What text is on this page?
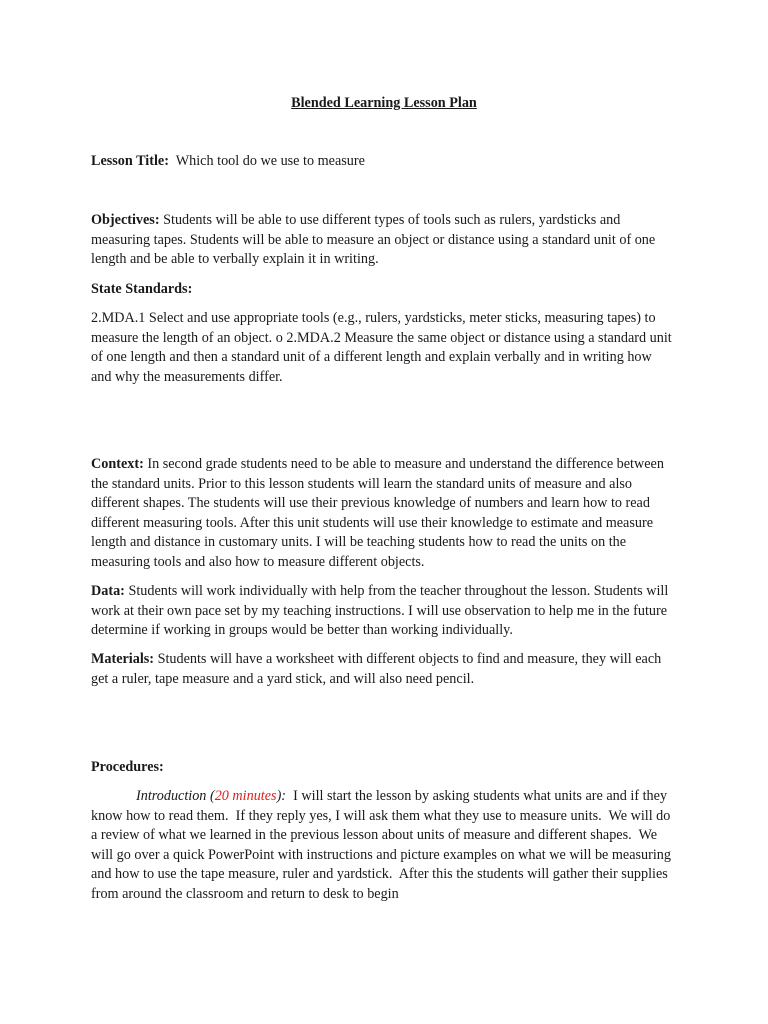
Blended Learning Lesson Plan

Lesson Title:  Which tool do we use to measure

Objectives: Students will be able to use different types of tools such as rulers, yardsticks and measuring tapes. Students will be able to measure an object or distance using a standard unit of one length and be able to verbally explain it in writing.

State Standards:

2.MDA.1 Select and use appropriate tools (e.g., rulers, yardsticks, meter sticks, measuring tapes) to measure the length of an object. o 2.MDA.2 Measure the same object or distance using a standard unit of one length and then a standard unit of a different length and explain verbally and in writing how and why the measurements differ.

Context: In second grade students need to be able to measure and understand the difference between the standard units. Prior to this lesson students will learn the standard units of measure and also different shapes. The students will use their previous knowledge of numbers and learn how to read different measuring tools. After this unit students will use their knowledge to estimate and measure length and distance in customary units. I will be teaching students how to read the units on the measuring tools and also how to measure different objects.

Data: Students will work individually with help from the teacher throughout the lesson. Students will work at their own pace set by my teaching instructions. I will use observation to help me in the future determine if working in groups would be better than working individually.

Materials: Students will have a worksheet with different objects to find and measure, they will each get a ruler, tape measure and a yard stick, and will also need pencil.

Procedures:

Introduction (20 minutes):  I will start the lesson by asking students what units are and if they know how to read them.  If they reply yes, I will ask them what they use to measure units.  We will do a review of what we learned in the previous lesson about units of measure and different shapes.  We will go over a quick PowerPoint with instructions and picture examples on what we will be measuring and how to use the tape measure, ruler and yardstick.  After this the students will gather their supplies from around the classroom and return to desk to begin
